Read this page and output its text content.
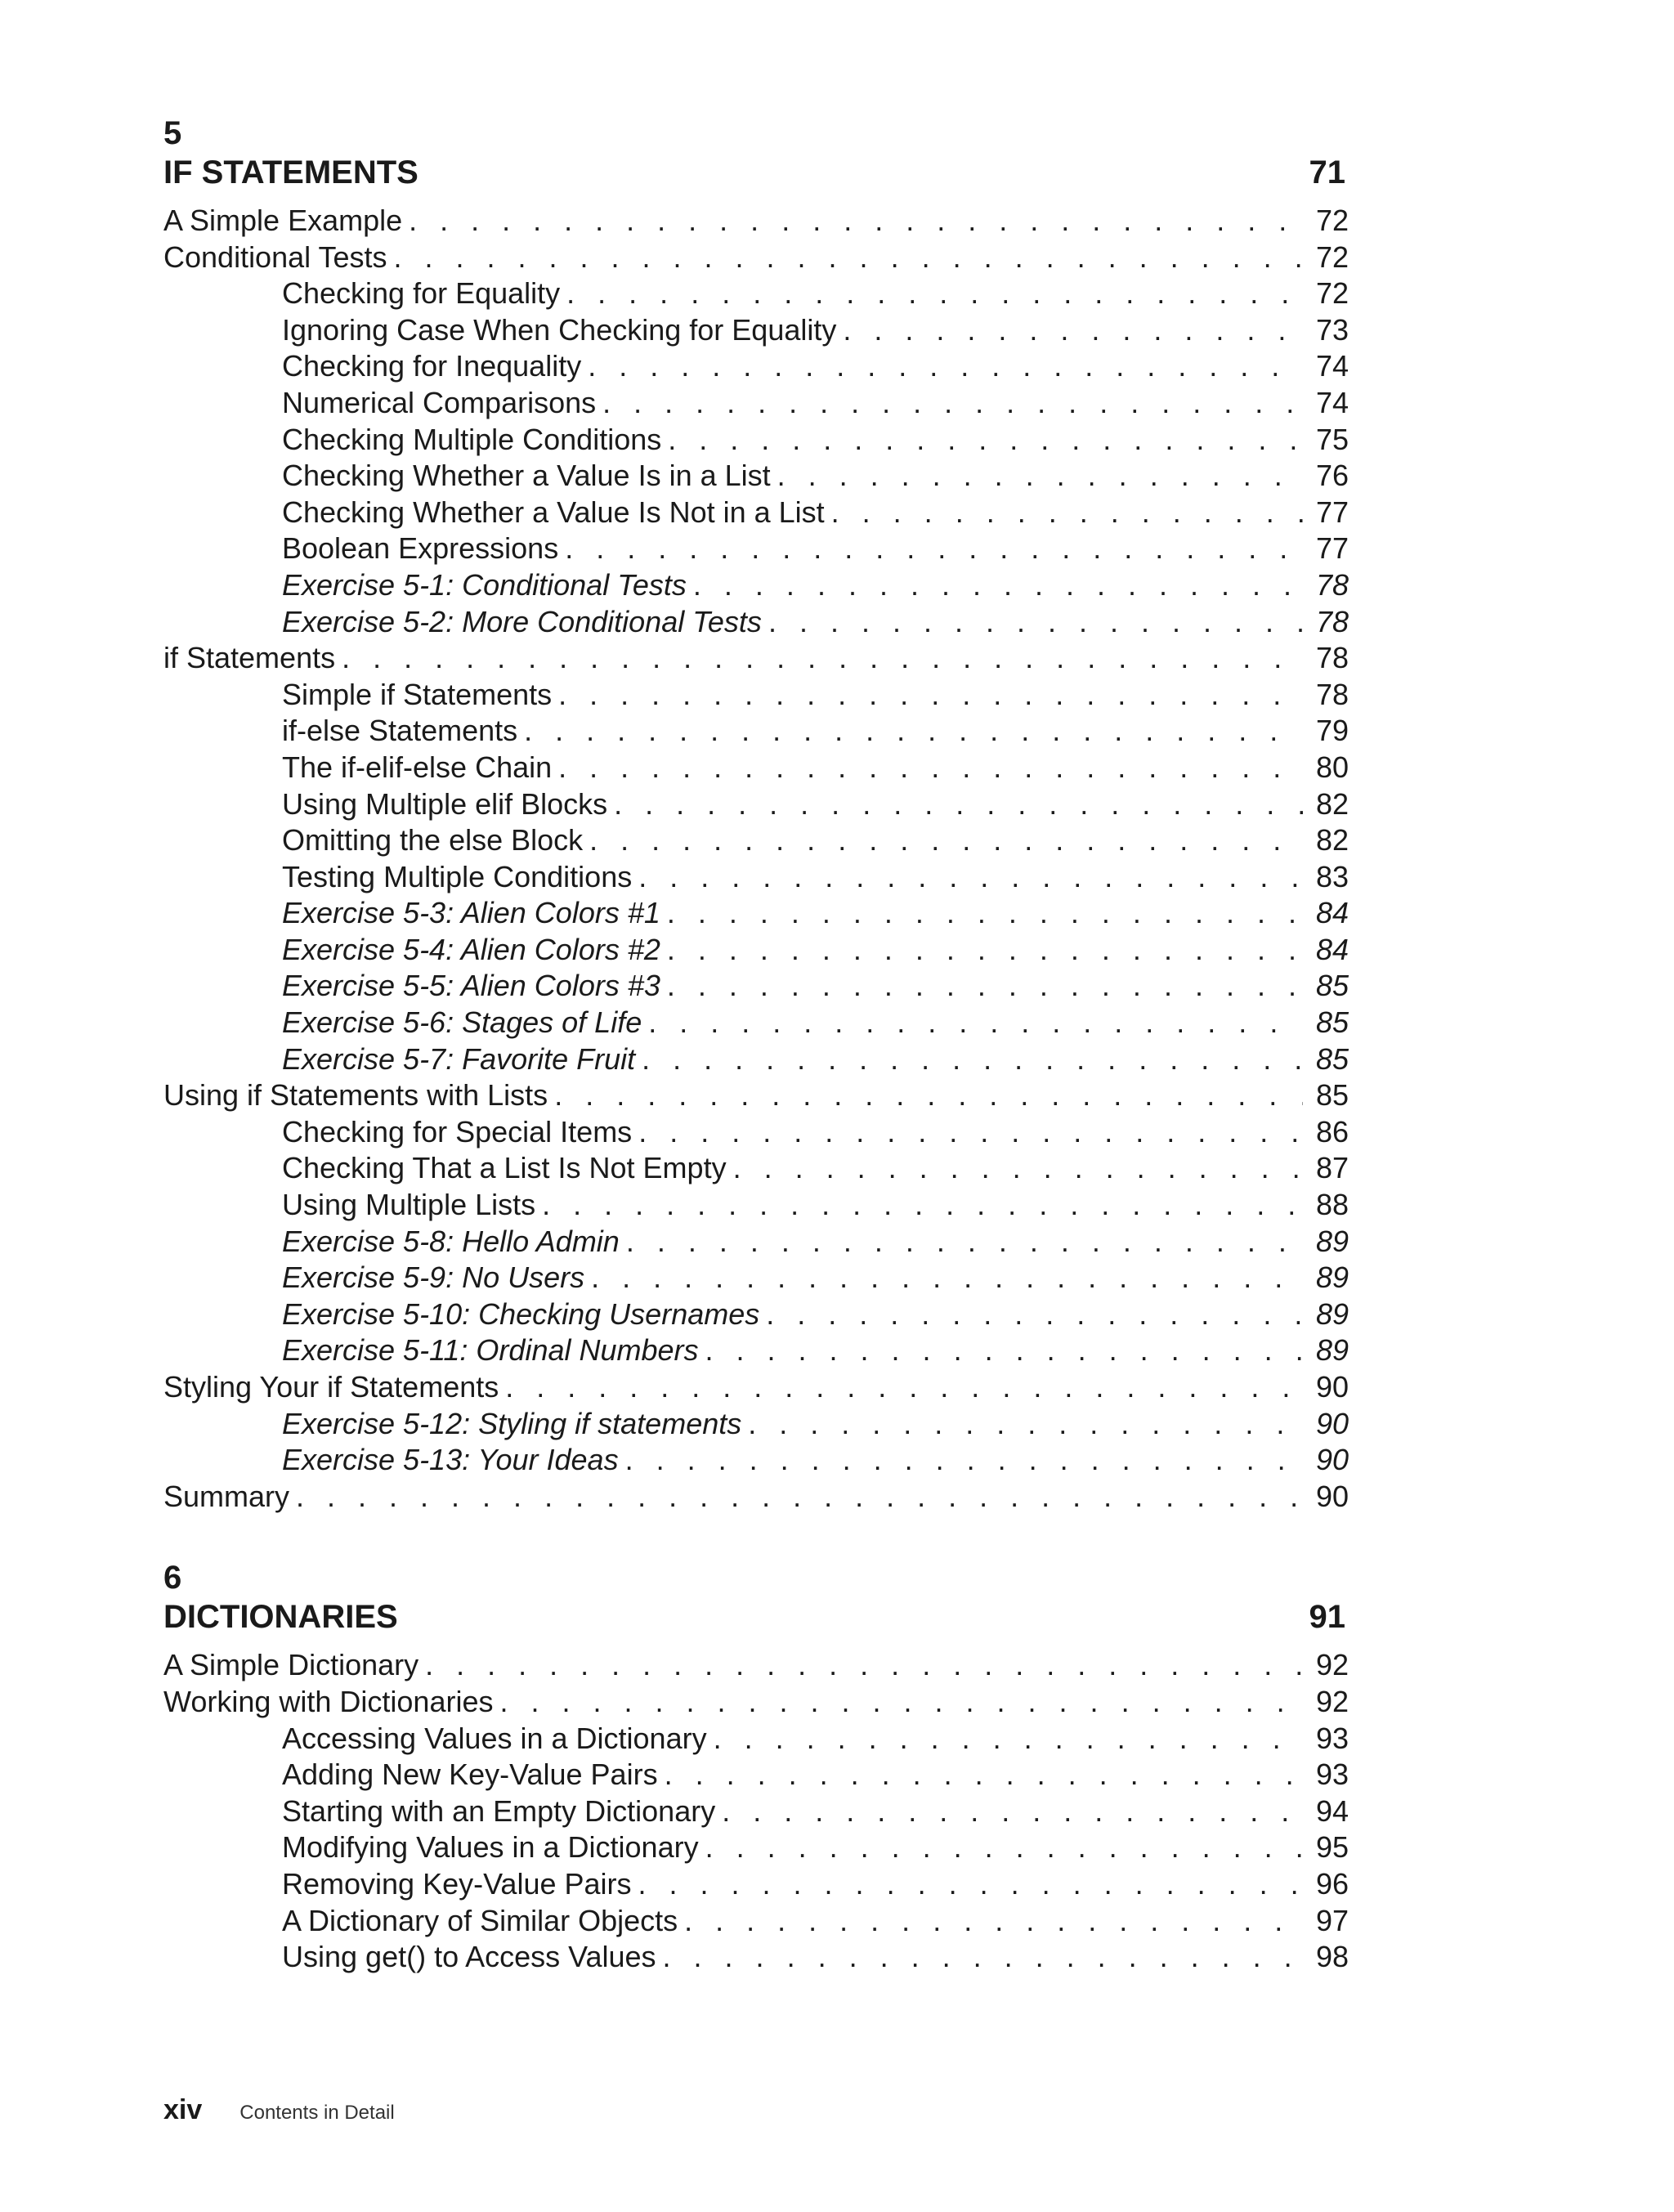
5
IF STATEMENTS	71
A Simple Example . . .	72
Conditional Tests . . .	72
Checking for Equality . . .	72
Ignoring Case When Checking for Equality . . .	73
Checking for Inequality . . .	74
Numerical Comparisons . . .	74
Checking Multiple Conditions . . .	75
Checking Whether a Value Is in a List . . .	76
Checking Whether a Value Is Not in a List . . .	77
Boolean Expressions . . .	77
Exercise 5-1: Conditional Tests . . .	78
Exercise 5-2: More Conditional Tests . . .	78
if Statements . . .	78
Simple if Statements . . .	78
if-else Statements . . .	79
The if-elif-else Chain . . .	80
Using Multiple elif Blocks . . .	82
Omitting the else Block . . .	82
Testing Multiple Conditions . . .	83
Exercise 5-3: Alien Colors #1 . . .	84
Exercise 5-4: Alien Colors #2 . . .	84
Exercise 5-5: Alien Colors #3 . . .	85
Exercise 5-6: Stages of Life . . .	85
Exercise 5-7: Favorite Fruit . . .	85
Using if Statements with Lists . . .	85
Checking for Special Items . . .	86
Checking That a List Is Not Empty . . .	87
Using Multiple Lists . . .	88
Exercise 5-8: Hello Admin . . .	89
Exercise 5-9: No Users . . .	89
Exercise 5-10: Checking Usernames . . .	89
Exercise 5-11: Ordinal Numbers . . .	89
Styling Your if Statements . . .	90
Exercise 5-12: Styling if statements . . .	90
Exercise 5-13: Your Ideas . . .	90
Summary . . .	90
6
DICTIONARIES	91
A Simple Dictionary . . .	92
Working with Dictionaries . . .	92
Accessing Values in a Dictionary . . .	93
Adding New Key-Value Pairs . . .	93
Starting with an Empty Dictionary . . .	94
Modifying Values in a Dictionary . . .	95
Removing Key-Value Pairs . . .	96
A Dictionary of Similar Objects . . .	97
Using get() to Access Values . . .	98
xiv Contents in Detail
